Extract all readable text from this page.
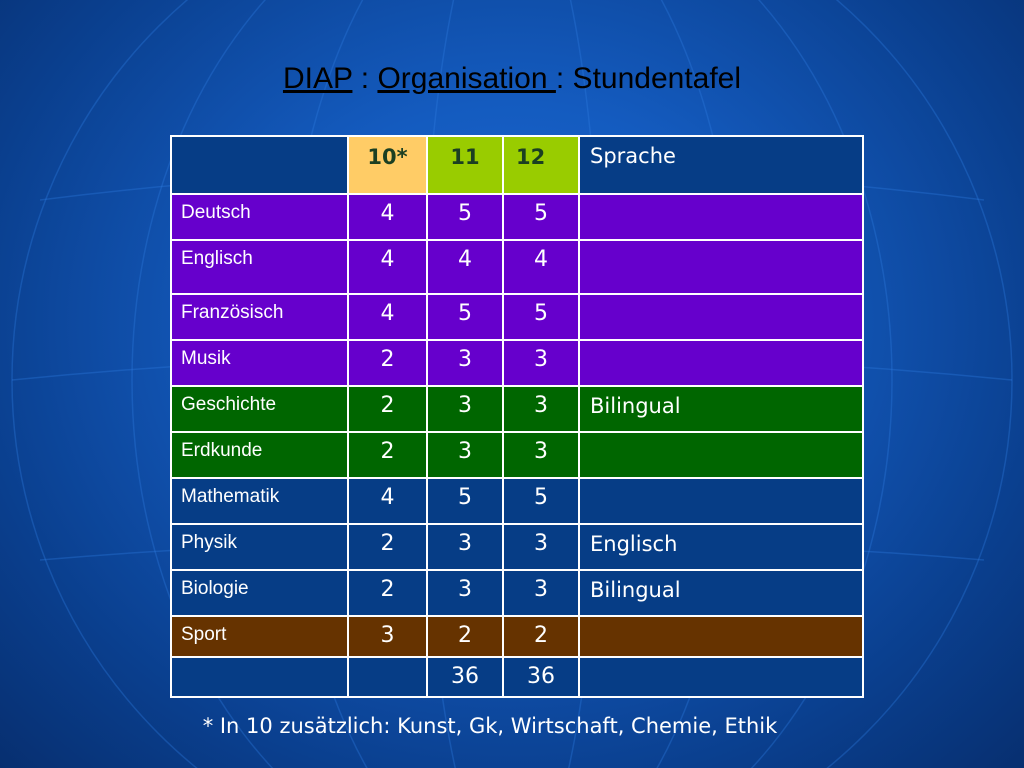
DIAP : Organisation : Stundentafel
	10*	11	12	Sprache
Deutsch	4	5	5	
Englisch	4	4	4	
Französisch	4	5	5	
Musik	2	3	3	
Geschichte	2	3	3	Bilingual
Erdkunde	2	3	3	
Mathematik	4	5	5	
Physik	2	3	3	Englisch
Biologie	2	3	3	Bilingual
Sport	3	2	2	
		36	36	
* In 10 zusätzlich: Kunst, Gk, Wirtschaft, Chemie, Ethik
